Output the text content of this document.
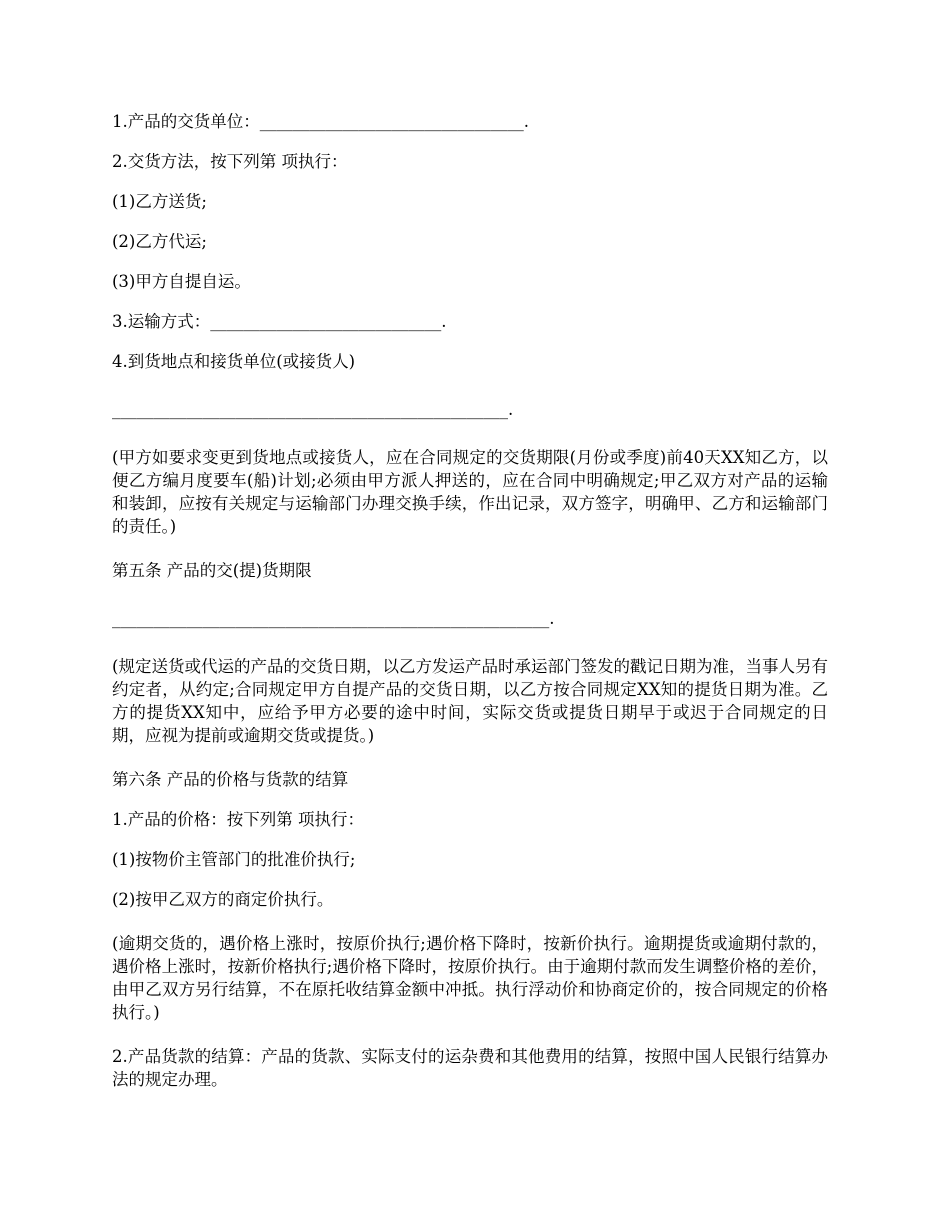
1.产品的交货单位：________________________________.

2.交货方法，按下列第 项执行：

(1)乙方送货;

(2)乙方代运;

(3)甲方自提自运。

3.运输方式：____________________________.

4.到货地点和接货单位(或接货人)

________________________________________________.

(甲方如要求变更到货地点或接货人，应在合同规定的交货期限(月份或季度)前40天XX知乙方，以便乙方编月度要车(船)计划;必须由甲方派人押送的，应在合同中明确规定;甲乙双方对产品的运输和装卸，应按有关规定与运输部门办理交换手续，作出记录，双方签字，明确甲、乙方和运输部门的责任。)

第五条 产品的交(提)货期限

_____________________________________________________.

(规定送货或代运的产品的交货日期，以乙方发运产品时承运部门签发的戳记日期为准，当事人另有约定者，从约定;合同规定甲方自提产品的交货日期，以乙方按合同规定XX知的提货日期为准。乙方的提货XX知中，应给予甲方必要的途中时间，实际交货或提货日期早于或迟于合同规定的日期，应视为提前或逾期交货或提货。)

第六条 产品的价格与货款的结算

1.产品的价格：按下列第 项执行：

(1)按物价主管部门的批准价执行;

(2)按甲乙双方的商定价执行。

(逾期交货的，遇价格上涨时，按原价执行;遇价格下降时，按新价执行。逾期提货或逾期付款的，遇价格上涨时，按新价格执行;遇价格下降时，按原价执行。由于逾期付款而发生调整价格的差价，由甲乙双方另行结算，不在原托收结算金额中冲抵。执行浮动价和协商定价的，按合同规定的价格执行。)

2.产品货款的结算：产品的货款、实际支付的运杂费和其他费用的结算，按照中国人民银行结算办法的规定办理。
